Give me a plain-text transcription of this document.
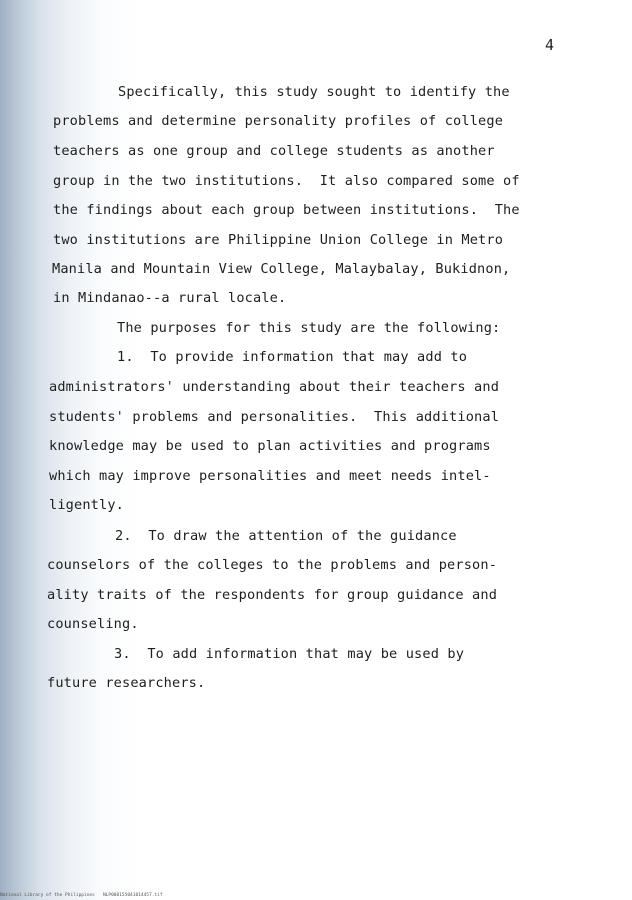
4
Specifically, this study sought to identify the
problems and determine personality profiles of college
teachers as one group and college students as another
group in the two institutions.  It also compared some of
the findings about each group between institutions.  The
two institutions are Philippine Union College in Metro
Manila and Mountain View College, Malaybalay, Bukidnon,
in Mindanao--a rural locale.
The purposes for this study are the following:
1.  To provide information that may add to
administrators' understanding about their teachers and
students' problems and personalities.  This additional
knowledge may be used to plan activities and programs
which may improve personalities and meet needs intel-
ligently.
2.  To draw the attention of the guidance
counselors of the colleges to the problems and person-
ality traits of the respondents for group guidance and
counseling.
3.  To add information that may be used by
future researchers.
National Library of the Philippines   NLP000155041014457.tif
